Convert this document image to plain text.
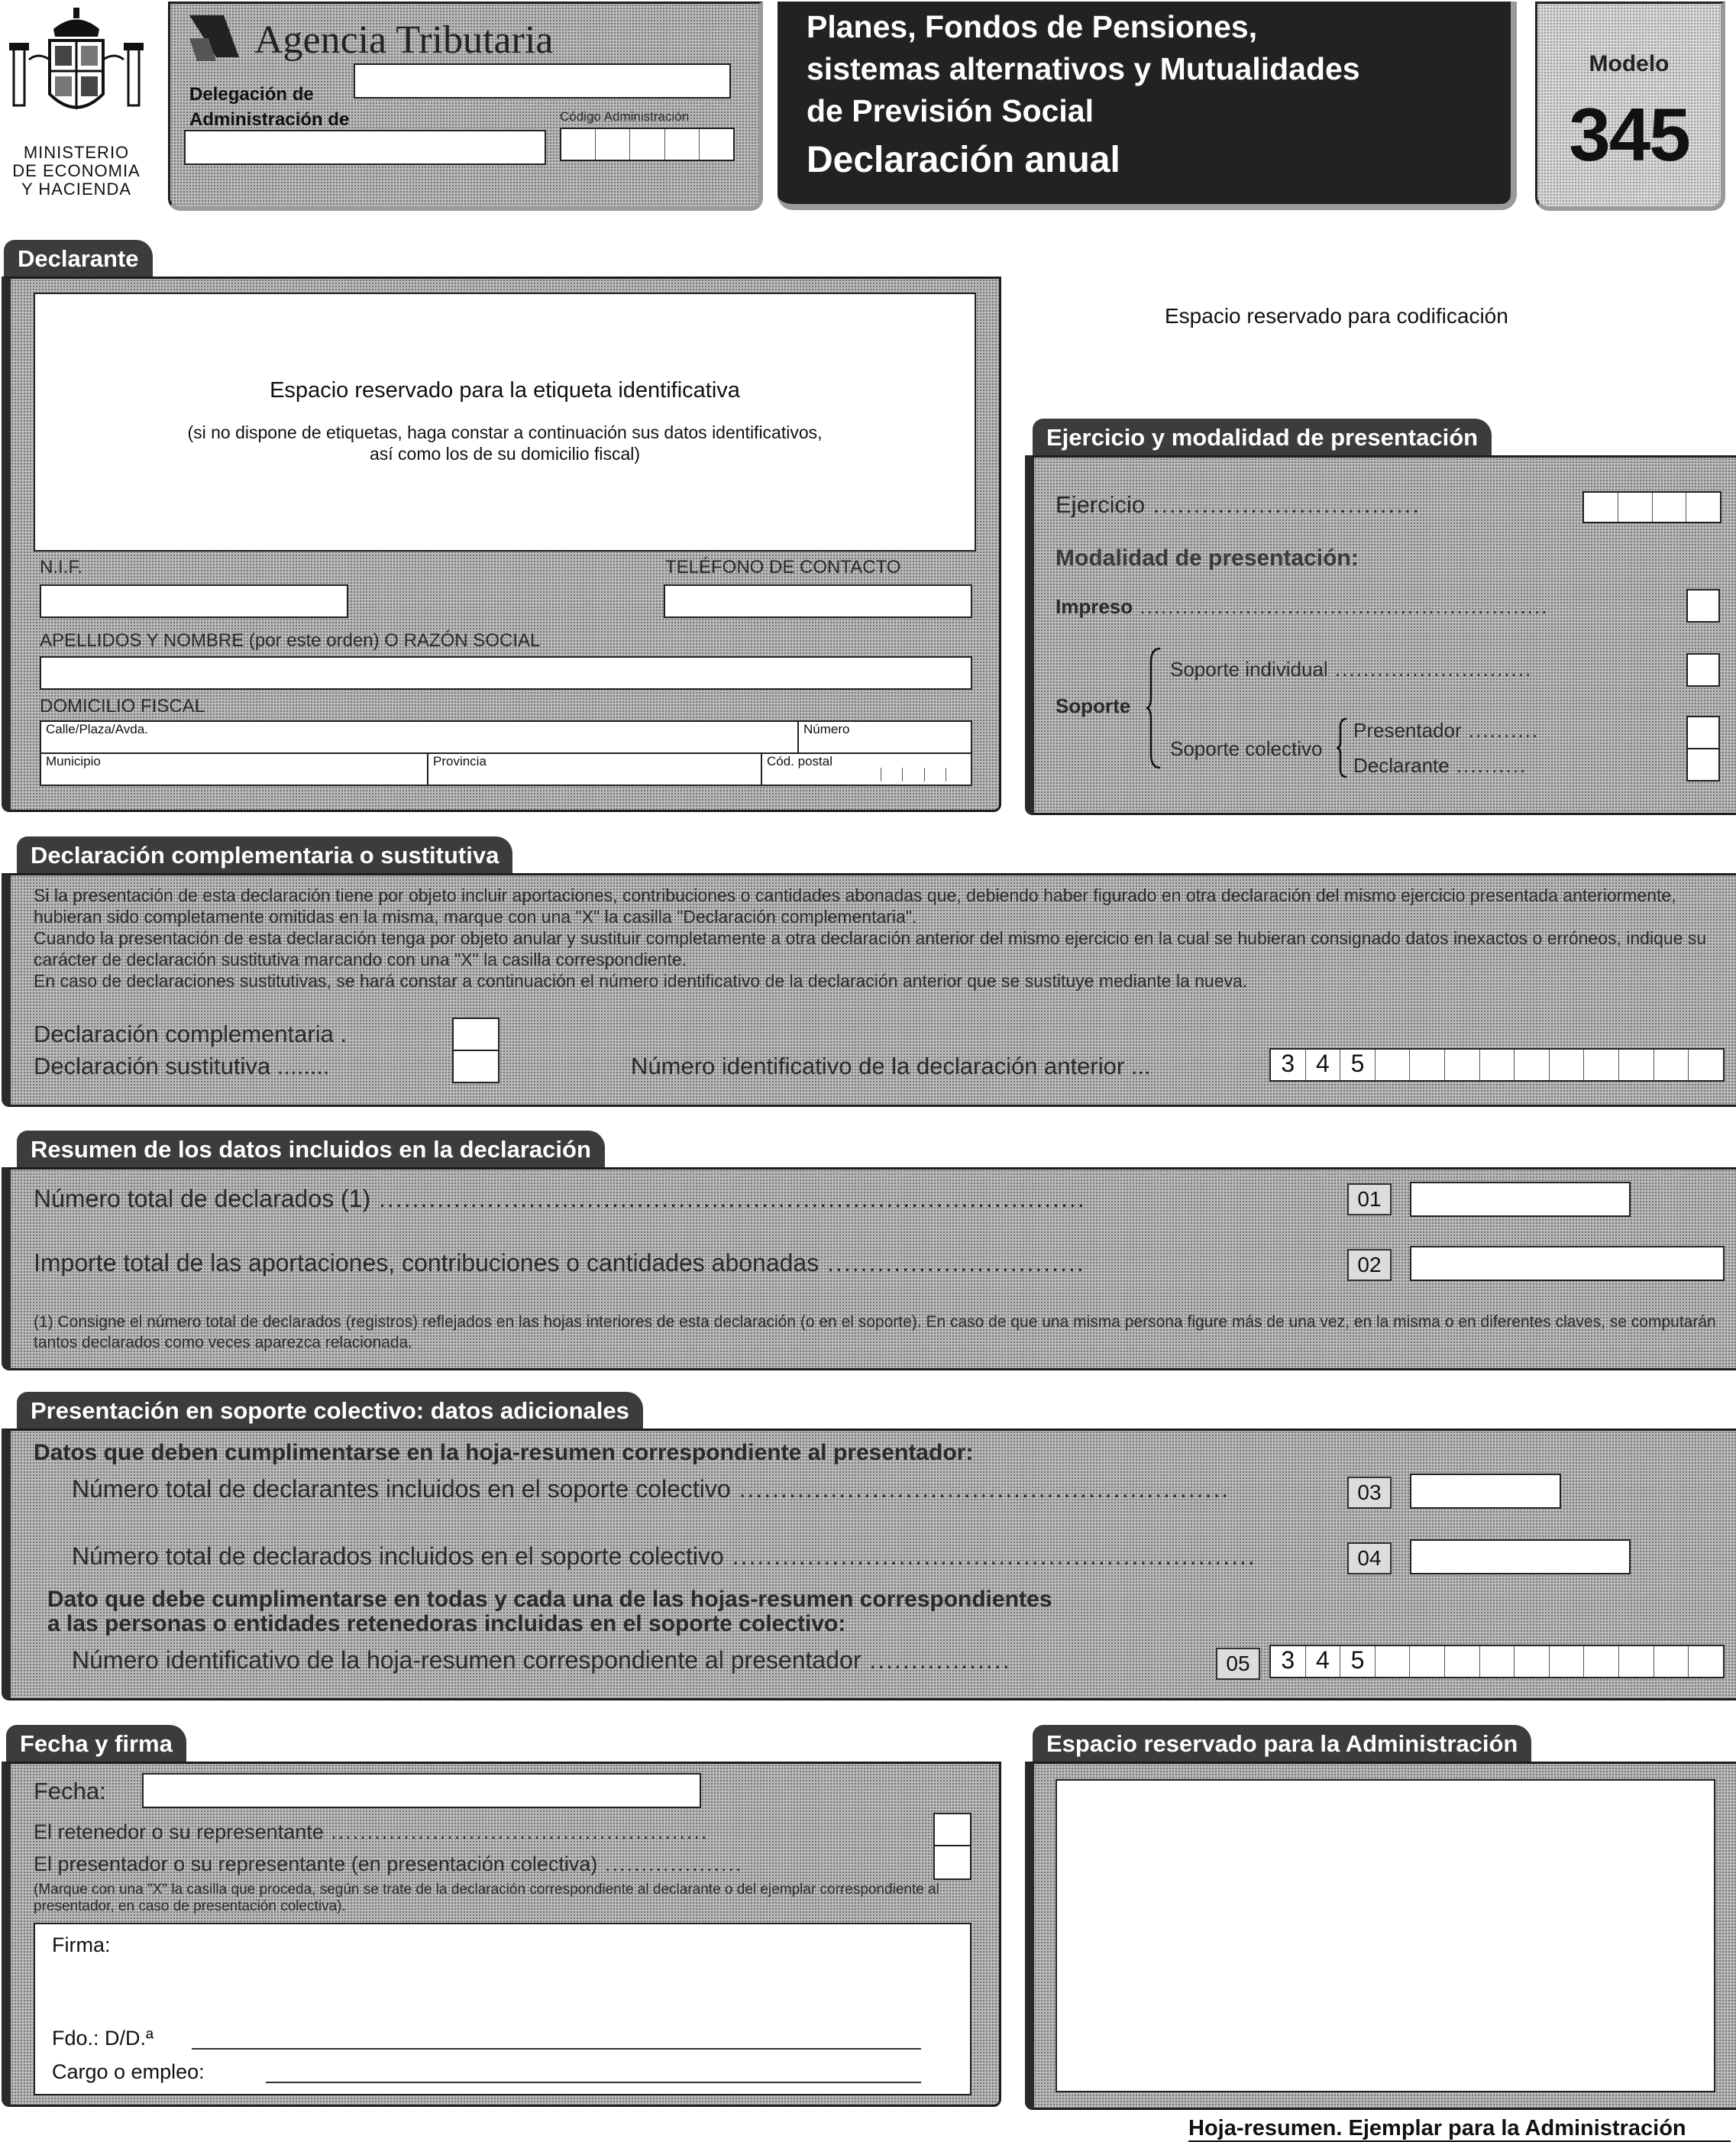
MINISTERIO
DE ECONOMIA
Y HACIENDA
Agencia Tributaria
Delegación de
Administración de	Código Administración
Planes, Fondos de Pensiones,
sistemas alternativos y Mutualidades
de Previsión Social
Declaración anual
Modelo
345
Declarante
Espacio reservado para la etiqueta identificativa
(si no dispone de etiquetas, haga constar a continuación sus datos identificativos,
así como los de su domicilio fiscal)
N.I.F.	TELÉFONO DE CONTACTO
APELLIDOS Y NOMBRE (por este orden) O RAZÓN SOCIAL
DOMICILIO FISCAL
Calle/Plaza/Avda.	Número
Municipio	Provincia	Cód. postal
Espacio reservado para codificación
Ejercicio y modalidad de presentación
Ejercicio .................................
Modalidad de presentación:
Impreso ..........................................................
Soporte
Soporte individual ............................
Soporte colectivo
Presentador ..........
Declarante ..........
Declaración complementaria o sustitutiva
Si la presentación de esta declaración tiene por objeto incluir aportaciones, contribuciones o cantidades abonadas que, debiendo haber figurado en otra declaración del mismo ejercicio presentada anteriormente, hubieran sido completamente omitidas en la misma, marque con una "X" la casilla "Declaración complementaria".
Cuando la presentación de esta declaración tenga por objeto anular y sustituir completamente a otra declaración anterior del mismo ejercicio en la cual se hubieran consignado datos inexactos o erróneos, indique su carácter de declaración sustitutiva marcando con una "X" la casilla correspondiente.
En caso de declaraciones sustitutivas, se hará constar a continuación el número identificativo de la declaración anterior que se sustituye mediante la nueva.
Declaración complementaria .
Declaración sustitutiva ........	Número identificativo de la declaración anterior ...	3 4 5
Resumen de los datos incluidos en la declaración
Número total de declarados (1) .....................................................................................	01
Importe total de las aportaciones, contribuciones o cantidades abonadas ...............................	02
(1) Consigne el número total de declarados (registros) reflejados en las hojas interiores de esta declaración (o en el soporte). En caso de que una misma persona figure más de una vez, en la misma o en diferentes claves, se computarán tantos declarados como veces aparezca relacionada.
Presentación en soporte colectivo: datos adicionales
Datos que deben cumplimentarse en la hoja-resumen correspondiente al presentador:
Número total de declarantes incluidos en el soporte colectivo ...........................................................	03
Número total de declarados incluidos en el soporte colectivo ...............................................................	04
Dato que debe cumplimentarse en todas y cada una de las hojas-resumen correspondientes
a las personas o entidades retenedoras incluidas en el soporte colectivo:
Número identificativo de la hoja-resumen correspondiente al presentador .................	05	3 4 5
Fecha y firma
Fecha:
El retenedor o su representante ....................................................
El presentador o su representante (en presentación colectiva) ...................
(Marque con una "X" la casilla que proceda, según se trate de la declaración correspondiente al declarante o del ejemplar correspondiente al presentador, en caso de presentación colectiva).
Firma:
Fdo.: D/D.ª
Cargo o empleo:
Espacio reservado para la Administración
Hoja-resumen. Ejemplar para la Administración
